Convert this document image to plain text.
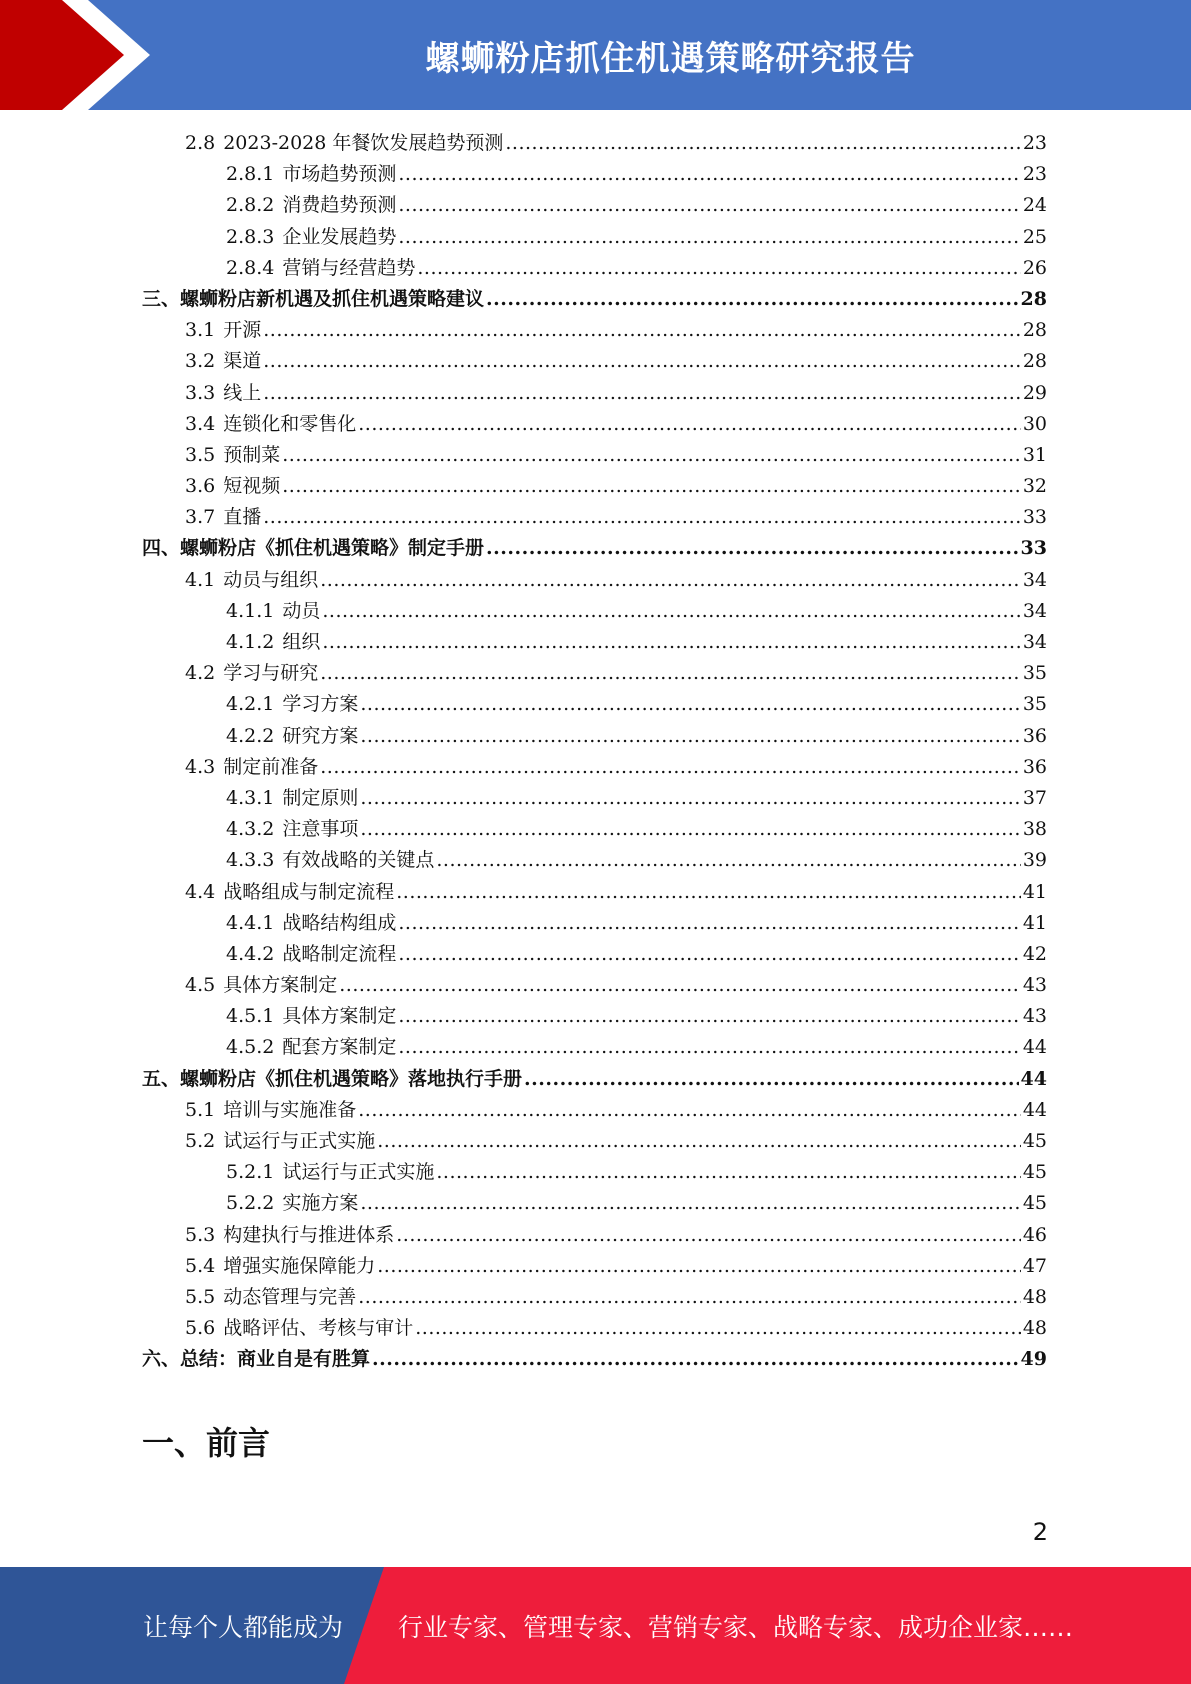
螺蛳粉店抓住机遇策略研究报告
2.8 2023-2028 年餐饮发展趋势预测 .....	23
2.8.1 市场趋势预测 .....	23
2.8.2 消费趋势预测 .....	24
2.8.3 企业发展趋势 .....	25
2.8.4 营销与经营趋势 .....	26
三、 螺蛳粉店新机遇及抓住机遇策略建议 .....	28
3.1 开源 .....	28
3.2 渠道 .....	28
3.3 线上 .....	29
3.4 连锁化和零售化 .....	30
3.5 预制菜 .....	31
3.6 短视频 .....	32
3.7 直播 .....	33
四、 螺蛳粉店《抓住机遇策略》制定手册 .....	33
4.1 动员与组织 .....	34
4.1.1 动员 .....	34
4.1.2 组织 .....	34
4.2 学习与研究 .....	35
4.2.1 学习方案 .....	35
4.2.2 研究方案 .....	36
4.3 制定前准备 .....	36
4.3.1 制定原则 .....	37
4.3.2 注意事项 .....	38
4.3.3 有效战略的关键点 .....	39
4.4 战略组成与制定流程 .....	41
4.4.1 战略结构组成 .....	41
4.4.2 战略制定流程 .....	42
4.5 具体方案制定 .....	43
4.5.1 具体方案制定 .....	43
4.5.2 配套方案制定 .....	44
五、 螺蛳粉店《抓住机遇策略》落地执行手册 .....	44
5.1 培训与实施准备 .....	44
5.2 试运行与正式实施 .....	45
5.2.1 试运行与正式实施 .....	45
5.2.2 实施方案 .....	45
5.3 构建执行与推进体系 .....	46
5.4 增强实施保障能力 .....	47
5.5 动态管理与完善 .....	48
5.6 战略评估、考核与审计 .....	48
六、 总结：商业自是有胜算 .....	49
一、前言
2
让每个人都能成为 行业专家、管理专家、营销专家、战略专家、成功企业家……
